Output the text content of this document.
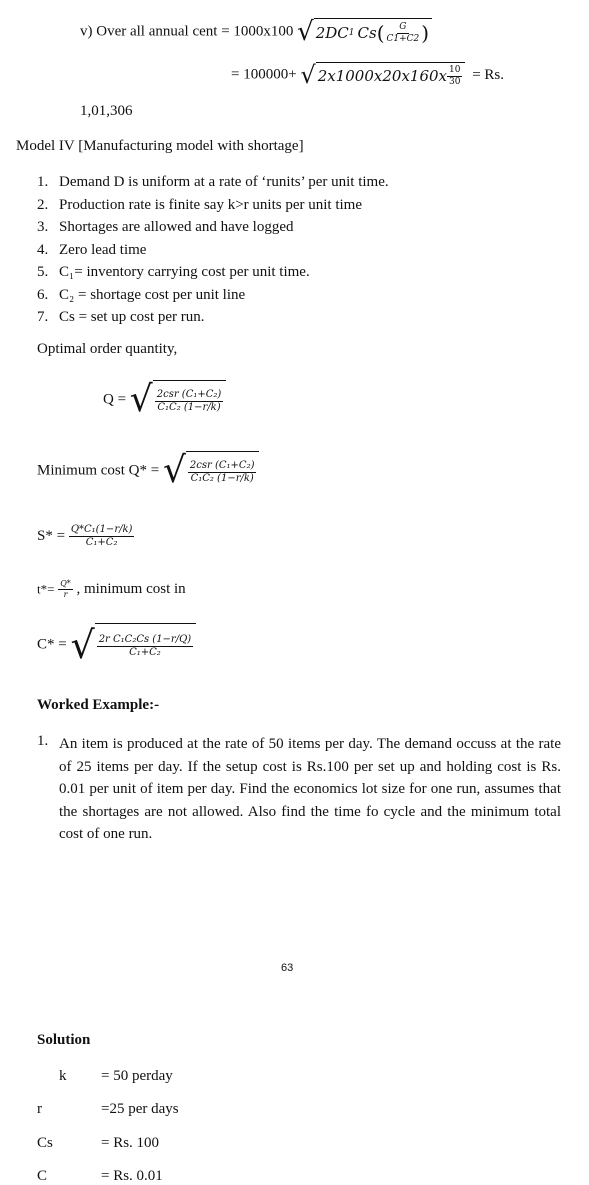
v) Over all annual cent = 1000x100 √ 2DC 1 Cs ( $\frac{G}{C1+C2}$ )
= 100000+ √ $2x1000x20x160x \frac{10}{30} = Rs$.
1,01,306
Model IV [Manufacturing model with shortage]
1. Demand D is uniform at a rate of ‘runits’ per unit time.
2. Production rate is finite say k>r units per unit time
3. Shortages are allowed and have logged
4. Zero lead time
5. C₁= inventory carrying cost per unit time.
6. C₂ = shortage cost per unit line
7. Cs = set up cost per run.
Optimal order quantity,
Q = √ $\frac{\text{2csr (C₁+C₂)}}{\text{C₁C₂ (1−r/k)}}$
Minimum cost Q* = √ $\frac{\text{2csr (C₁+C₂)}}{\text{C₁C₂ (1−r/k)}}$
$S* = \frac{\text{Q*C₁(1−r/k)}}{\text{C₁+C₂}}$
$t*= \frac{Q*}{r}$ , minimum cost in
C* = √ $\frac{\text{2r C₁C₂Cs (1−r/Q)}}{\text{C₁+C₂}}$
Worked Example:-
1. An item is produced at the rate of 50 items per day. The demand occuss at the rate of 25 items per day. If the setup cost is Rs.100 per set up and holding cost is Rs. 0.01 per unit of item per day. Find the economics lot size for one run, assumes that the shortages are not allowed. Also find the time fo cycle and the minimum total cost of one run.
63
Solution
k = 50 perday
r	=25 per days
Cs	= Rs. 100
C	= Rs. 0.01
